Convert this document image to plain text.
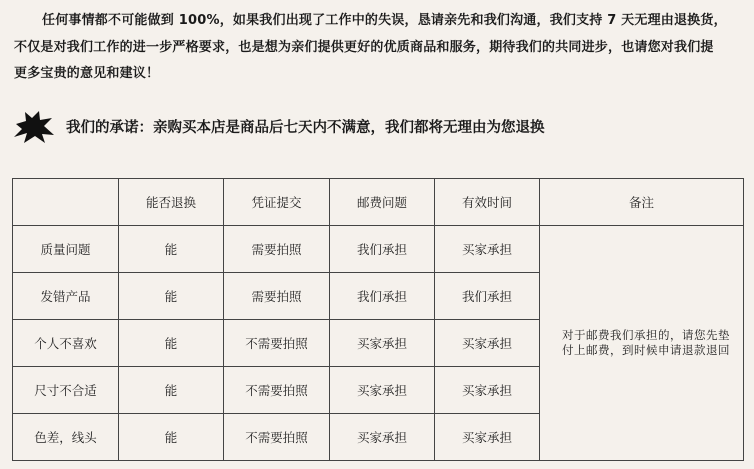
任何事情都不可能做到 100%，如果我们出现了工作中的失误，恳请亲先和我们沟通，我们支持 7 天无理由退换货，
不仅是对我们工作的进一步严格要求，也是想为亲们提供更好的优质商品和服务，期待我们的共同进步，也请您对我们提
更多宝贵的意见和建议！
我们的承诺：亲购买本店是商品后七天内不满意，我们都将无理由为您退换
	能否退换	凭证提交	邮费问题	有效时间	备注
质量问题	能	需要拍照	我们承担	买家承担	对于邮费我们承担的，请您先垫付上邮费，到时候申请退款退回
发错产品	能	需要拍照	我们承担	我们承担	
个人不喜欢	能	不需要拍照	买家承担	买家承担	
尺寸不合适	能	不需要拍照	买家承担	买家承担	
色差，线头	能	不需要拍照	买家承担	买家承担	
